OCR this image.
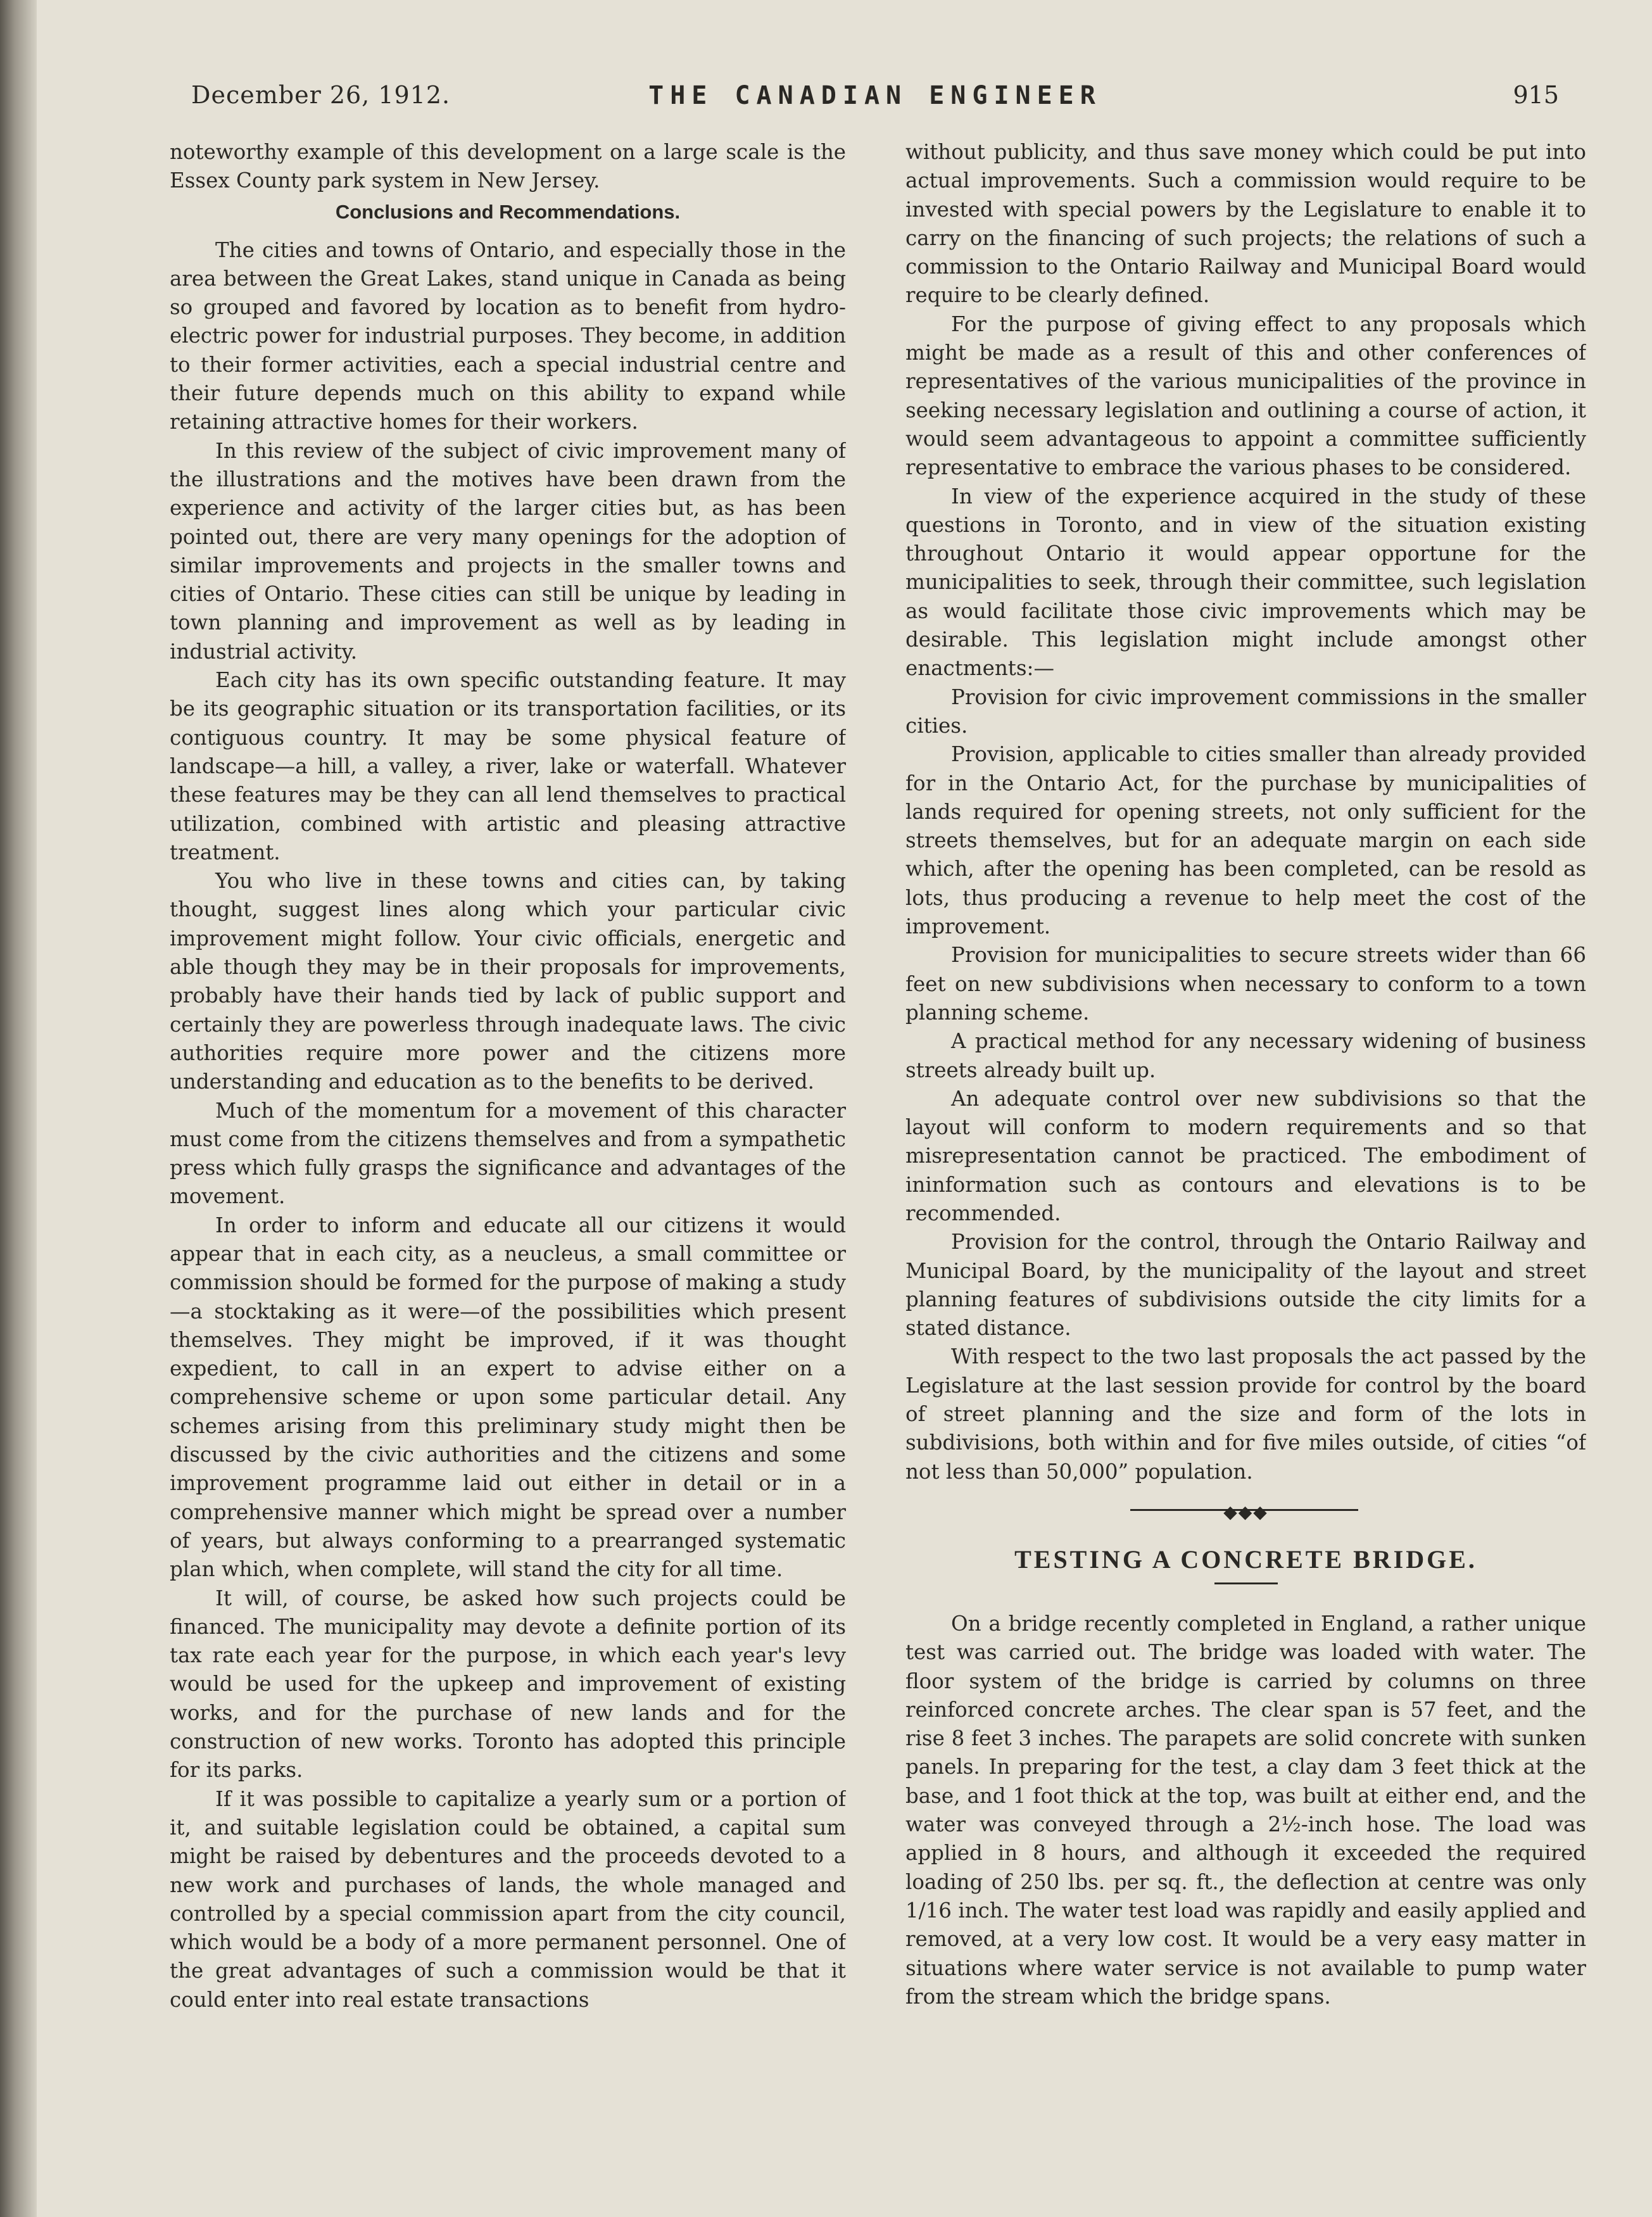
December 26, 1912.	THE CANADIAN ENGINEER	915

noteworthy example of this development on a large scale is the Essex County park system in New Jersey.

Conclusions and Recommendations.

The cities and towns of Ontario, and especially those in the area between the Great Lakes, stand unique in Canada as being so grouped and favored by location as to benefit from hydro-electric power for industrial purposes. They become, in addition to their former activities, each a special industrial centre and their future depends much on this ability to expand while retaining attractive homes for their workers.

In this review of the subject of civic improvement many of the illustrations and the motives have been drawn from the experience and activity of the larger cities but, as has been pointed out, there are very many openings for the adoption of similar improvements and projects in the smaller towns and cities of Ontario. These cities can still be unique by leading in town planning and improvement as well as by leading in industrial activity.

Each city has its own specific outstanding feature. It may be its geographic situation or its transportation facilities, or its contiguous country. It may be some physical feature of landscape—a hill, a valley, a river, lake or waterfall. Whatever these features may be they can all lend themselves to practical utilization, combined with artistic and pleasing attractive treatment.

You who live in these towns and cities can, by taking thought, suggest lines along which your particular civic improvement might follow. Your civic officials, energetic and able though they may be in their proposals for improvements, probably have their hands tied by lack of public support and certainly they are powerless through inadequate laws. The civic authorities require more power and the citizens more understanding and education as to the benefits to be derived.

Much of the momentum for a movement of this character must come from the citizens themselves and from a sympathetic press which fully grasps the significance and advantages of the movement.

In order to inform and educate all our citizens it would appear that in each city, as a neucleus, a small committee or commission should be formed for the purpose of making a study—a stocktaking as it were—of the possibilities which present themselves. They might be improved, if it was thought expedient, to call in an expert to advise either on a comprehensive scheme or upon some particular detail. Any schemes arising from this preliminary study might then be discussed by the civic authorities and the citizens and some improvement programme laid out either in detail or in a comprehensive manner which might be spread over a number of years, but always conforming to a prearranged systematic plan which, when complete, will stand the city for all time.

It will, of course, be asked how such projects could be financed. The municipality may devote a definite portion of its tax rate each year for the purpose, in which each year's levy would be used for the upkeep and improvement of existing works, and for the purchase of new lands and for the construction of new works. Toronto has adopted this principle for its parks.

If it was possible to capitalize a yearly sum or a portion of it, and suitable legislation could be obtained, a capital sum might be raised by debentures and the proceeds devoted to a new work and purchases of lands, the whole managed and controlled by a special commission apart from the city council, which would be a body of a more permanent personnel. One of the great advantages of such a commission would be that it could enter into real estate transactions

without publicity, and thus save money which could be put into actual improvements. Such a commission would require to be invested with special powers by the Legislature to enable it to carry on the financing of such projects; the relations of such a commission to the Ontario Railway and Municipal Board would require to be clearly defined.

For the purpose of giving effect to any proposals which might be made as a result of this and other conferences of representatives of the various municipalities of the province in seeking necessary legislation and outlining a course of action, it would seem advantageous to appoint a committee sufficiently representative to embrace the various phases to be considered.

In view of the experience acquired in the study of these questions in Toronto, and in view of the situation existing throughout Ontario it would appear opportune for the municipalities to seek, through their committee, such legislation as would facilitate those civic improvements which may be desirable. This legislation might include amongst other enactments:—

Provision for civic improvement commissions in the smaller cities.

Provision, applicable to cities smaller than already provided for in the Ontario Act, for the purchase by municipalities of lands required for opening streets, not only sufficient for the streets themselves, but for an adequate margin on each side which, after the opening has been completed, can be resold as lots, thus producing a revenue to help meet the cost of the improvement.

Provision for municipalities to secure streets wider than 66 feet on new subdivisions when necessary to conform to a town planning scheme.

A practical method for any necessary widening of business streets already built up.

An adequate control over new subdivisions so that the layout will conform to modern requirements and so that misrepresentation cannot be practiced. The embodiment of ininformation such as contours and elevations is to be recommended.

Provision for the control, through the Ontario Railway and Municipal Board, by the municipality of the layout and street planning features of subdivisions outside the city limits for a stated distance.

With respect to the two last proposals the act passed by the Legislature at the last session provide for control by the board of street planning and the size and form of the lots in subdivisions, both within and for five miles outside, of cities “of not less than 50,000” population.

◆◆◆
TESTING A CONCRETE BRIDGE.

On a bridge recently completed in England, a rather unique test was carried out. The bridge was loaded with water. The floor system of the bridge is carried by columns on three reinforced concrete arches. The clear span is 57 feet, and the rise 8 feet 3 inches. The parapets are solid concrete with sunken panels. In preparing for the test, a clay dam 3 feet thick at the base, and 1 foot thick at the top, was built at either end, and the water was conveyed through a 2½-inch hose. The load was applied in 8 hours, and although it exceeded the required loading of 250 lbs. per sq. ft., the deflection at centre was only 1/16 inch. The water test load was rapidly and easily applied and removed, at a very low cost. It would be a very easy matter in situations where water service is not available to pump water from the stream which the bridge spans.
